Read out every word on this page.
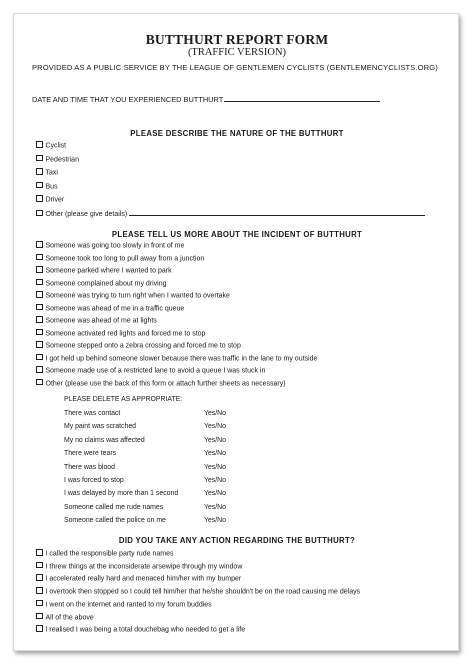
BUTTHURT REPORT FORM
(TRAFFIC VERSION)
PROVIDED AS A PUBLIC SERVICE BY THE LEAGUE OF GENTLEMEN CYCLISTS (GENTLEMENCYCLISTS.ORG)
DATE AND TIME THAT YOU EXPERIENCED BUTTHURT
PLEASE DESCRIBE THE NATURE OF THE BUTTHURT
Cyclist
Pedestrian
Taxi
Bus
Driver
Other (please give details)
PLEASE TELL US MORE ABOUT THE INCIDENT OF BUTTHURT
Someone was going too slowly in front of me
Someone took too long to pull away from a junction
Someone parked where I wanted to park
Someone complained about my driving
Someone was trying to turn right when I wanted to overtake
Someone was ahead of me in a traffic queue
Someone was ahead of me at lights
Someone activated red lights and forced me to stop
Someone stepped onto a zebra crossing and forced me to stop
I got held up behind someone slower because there was traffic in the lane to my outside
Someone made use of a restricted lane to avoid a queue I was stuck in
Other (please use the back of this form or attach further sheets as necessary)
PLEASE DELETE AS APPROPRIATE:
There was contact	Yes/No
My paint was scratched	Yes/No
My no claims was affected	Yes/No
There were tears	Yes/No
There was blood	Yes/No
I was forced to stop	Yes/No
I was delayed by more than 1 second	Yes/No
Someone called me rude names	Yes/No
Someone called the police on me	Yes/No
DID YOU TAKE ANY ACTION REGARDING THE BUTTHURT?
I called the responsible party rude names
I threw things at the inconsiderate arsewipe through my window
I accelerated really hard and menaced him/her with my bumper
I overtook then stopped so I could tell him/her that he/she shouldn't be on the road causing me delays
I went on the internet and ranted to my forum buddies
All of the above
I realised I was being a total douchebag who needed to get a life
